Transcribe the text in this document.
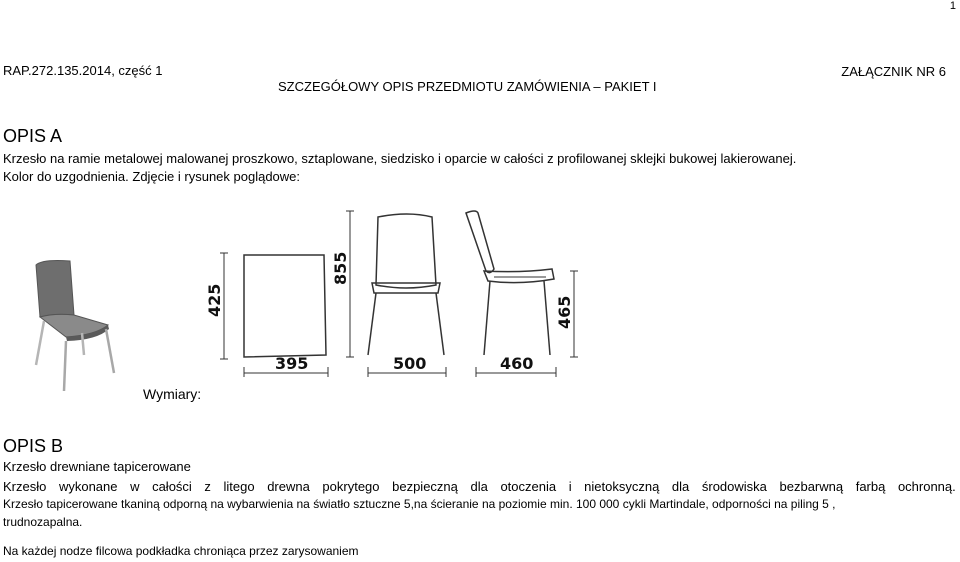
1
RAP.272.135.2014, część 1	ZAŁĄCZNIK NR 6
SZCZEGÓŁOWY OPIS PRZEDMIOTU ZAMÓWIENIA – PAKIET I
OPIS A
Krzesło na ramie metalowej malowanej proszkowo, sztaplowane, siedzisko i oparcie w całości z profilowanej sklejki bukowej lakierowanej.
Kolor do uzgodnienia. Zdjęcie i rysunek poglądowe:
425
395
855
500	460
465
Wymiary:
OPIS B
Krzesło drewniane tapicerowane
Krzesło wykonane w całości z litego drewna pokrytego bezpieczną dla otoczenia i nietoksyczną dla środowiska bezbarwną farbą ochronną.
Krzesło tapicerowane tkaniną odporną na wybarwienia na światło sztuczne 5,na ścieranie na poziomie min. 100 000 cykli Martindale, odporności na piling 5 ,
trudnozapalna.
Na każdej nodze filcowa podkładka chroniąca przez zarysowaniem
